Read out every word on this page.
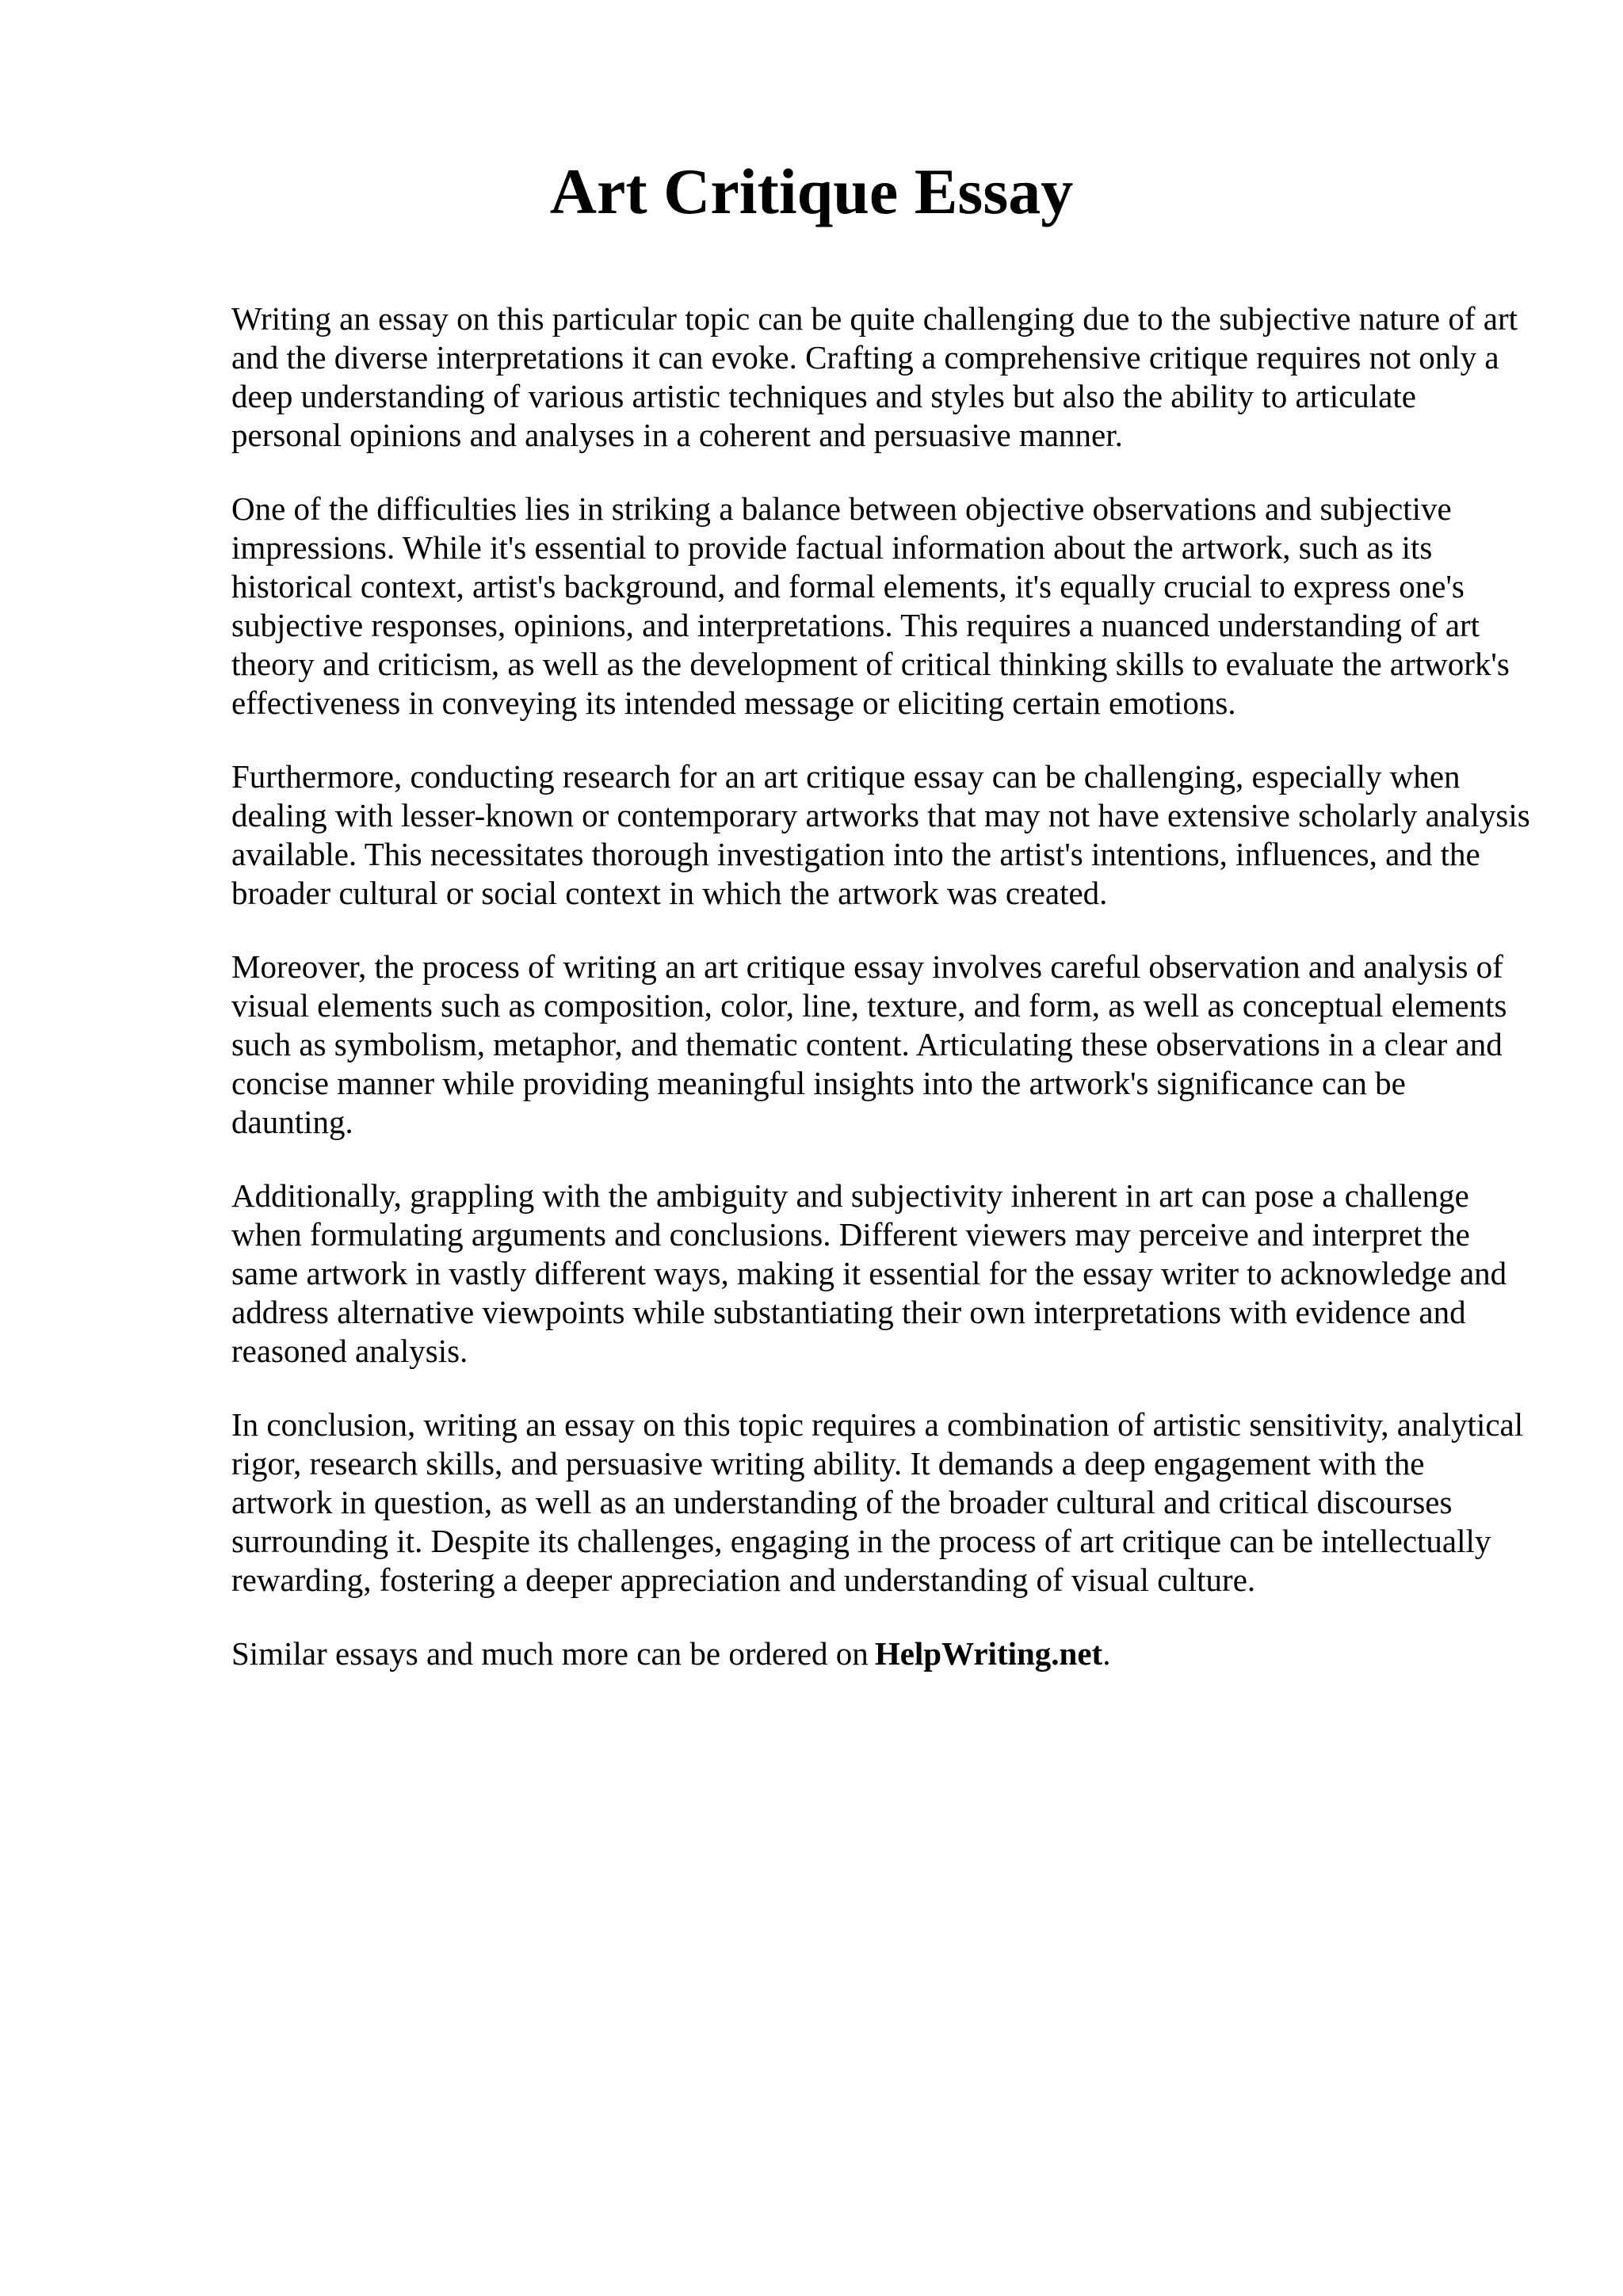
Art Critique Essay

Writing an essay on this particular topic can be quite challenging due to the subjective nature of art and the diverse interpretations it can evoke. Crafting a comprehensive critique requires not only a deep understanding of various artistic techniques and styles but also the ability to articulate personal opinions and analyses in a coherent and persuasive manner.

One of the difficulties lies in striking a balance between objective observations and subjective impressions. While it's essential to provide factual information about the artwork, such as its historical context, artist's background, and formal elements, it's equally crucial to express one's subjective responses, opinions, and interpretations. This requires a nuanced understanding of art theory and criticism, as well as the development of critical thinking skills to evaluate the artwork's effectiveness in conveying its intended message or eliciting certain emotions.

Furthermore, conducting research for an art critique essay can be challenging, especially when dealing with lesser-known or contemporary artworks that may not have extensive scholarly analysis available. This necessitates thorough investigation into the artist's intentions, influences, and the broader cultural or social context in which the artwork was created.

Moreover, the process of writing an art critique essay involves careful observation and analysis of visual elements such as composition, color, line, texture, and form, as well as conceptual elements such as symbolism, metaphor, and thematic content. Articulating these observations in a clear and concise manner while providing meaningful insights into the artwork's significance can be daunting.

Additionally, grappling with the ambiguity and subjectivity inherent in art can pose a challenge when formulating arguments and conclusions. Different viewers may perceive and interpret the same artwork in vastly different ways, making it essential for the essay writer to acknowledge and address alternative viewpoints while substantiating their own interpretations with evidence and reasoned analysis.

In conclusion, writing an essay on this topic requires a combination of artistic sensitivity, analytical rigor, research skills, and persuasive writing ability. It demands a deep engagement with the artwork in question, as well as an understanding of the broader cultural and critical discourses surrounding it. Despite its challenges, engaging in the process of art critique can be intellectually rewarding, fostering a deeper appreciation and understanding of visual culture.

Similar essays and much more can be ordered on HelpWriting.net.
